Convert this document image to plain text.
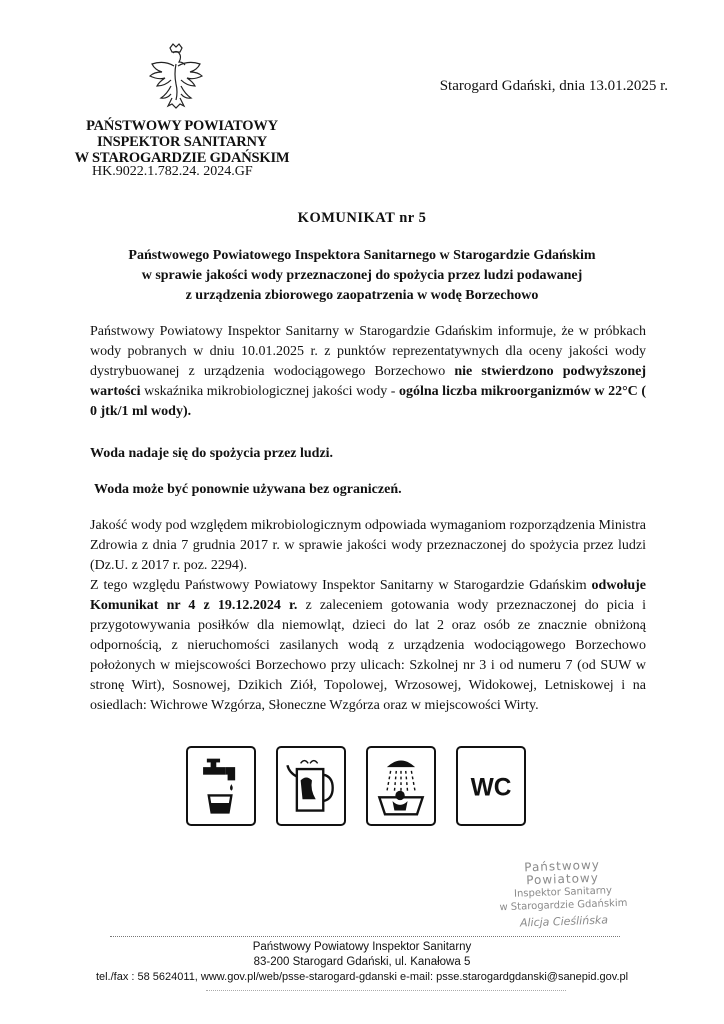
Starogard Gdański, dnia 13.01.2025 r.
PAŃSTWOWY POWIATOWY
INSPEKTOR SANITARNY
W STAROGARDZIE GDAŃSKIM
HK.9022.1.782.24. 2024.GF
KOMUNIKAT nr 5
Państwowego Powiatowego Inspektora Sanitarnego w Starogardzie Gdańskim
w sprawie jakości wody przeznaczonej do spożycia przez ludzi podawanej
z urządzenia zbiorowego zaopatrzenia w wodę Borzechowo
Państwowy Powiatowy Inspektor Sanitarny w Starogardzie Gdańskim informuje, że w próbkach wody pobranych w dniu 10.01.2025 r. z punktów reprezentatywnych dla oceny jakości wody dystrybuowanej z urządzenia wodociągowego Borzechowo nie stwierdzono podwyższonej wartości wskaźnika mikrobiologicznej jakości wody - ogólna liczba mikroorganizmów w 22°C ( 0 jtk/1 ml wody).
Woda nadaje się do spożycia przez ludzi.
Woda może być ponownie używana bez ograniczeń.
Jakość wody pod względem mikrobiologicznym odpowiada wymaganiom rozporządzenia Ministra Zdrowia z dnia 7 grudnia 2017 r. w sprawie jakości wody przeznaczonej do spożycia przez ludzi (Dz.U. z 2017 r. poz. 2294).
Z tego względu Państwowy Powiatowy Inspektor Sanitarny w Starogardzie Gdańskim odwołuje Komunikat nr 4 z 19.12.2024 r. z zaleceniem gotowania wody przeznaczonej do picia i przygotowywania posiłków dla niemowląt, dzieci do lat 2 oraz osób ze znacznie obniżoną odpornością, z nieruchomości zasilanych wodą z urządzenia wodociągowego Borzechowo położonych w miejscowości Borzechowo przy ulicach: Szkolnej nr 3 i od numeru 7 (od SUW w stronę Wirt), Sosnowej, Dzikich Ziół, Topolowej, Wrzosowej, Widokowej, Letniskowej i na osiedlach: Wichrowe Wzgórza, Słoneczne Wzgórza oraz w miejscowości Wirty.
WC
Państwowy Powiatowy
Inspektor Sanitarny
w Starogardzie Gdańskim
Alicja Cieślińska
Państwowy Powiatowy Inspektor Sanitarny
83-200 Starogard Gdański, ul. Kanałowa 5
tel./fax : 58 5624011, www.gov.pl/web/psse-starogard-gdanski e-mail: psse.starogardgdanski@sanepid.gov.pl
